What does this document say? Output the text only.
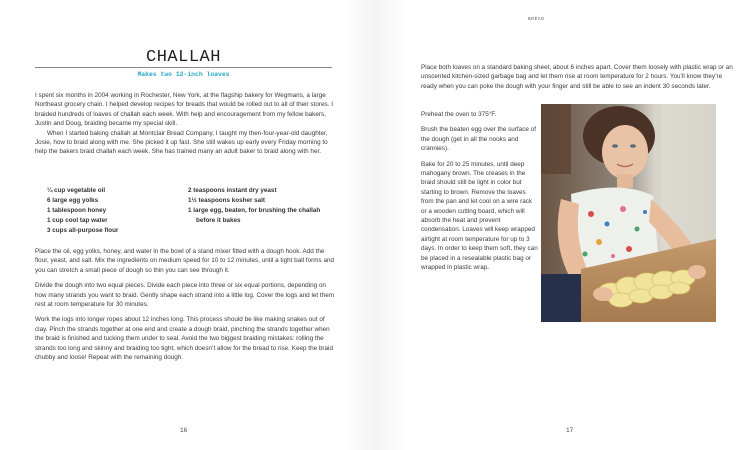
CHALLAH
Makes two 12-inch loaves

I spent six months in 2004 working in Rochester, New York, at the flagship bakery for Wegmans, a large Northeast grocery chain. I helped develop recipes for breads that would be rolled out to all of their stores. I braided hundreds of loaves of challah each week. With help and encouragement from my fellow bakers, Justin and Doug, braiding became my special skill.

When I started baking challah at Montclair Bread Company, I taught my then-four-year-old daughter, Josie, how to braid along with me. She picked it up fast. She still wakes up early every Friday morning to help the bakers braid challah each week. She has trained many an adult baker to braid along with her.

¼ cup vegetable oil
6 large egg yolks
1 tablespoon honey
1 cup cool tap water
3 cups all-purpose flour
2 teaspoons instant dry yeast
1½ teaspoons kosher salt
1 large egg, beaten, for brushing the challah before it bakes

Place the oil, egg yolks, honey, and water in the bowl of a stand mixer fitted with a dough hook. Add the flour, yeast, and salt. Mix the ingredients on medium speed for 10 to 12 minutes, until a tight ball forms and you can stretch a small piece of dough so thin you can see through it.

Divide the dough into two equal pieces. Divide each piece into three or six equal portions, depending on how many strands you want to braid. Gently shape each strand into a little log. Cover the logs and let them rest at room temperature for 30 minutes.

Work the logs into longer ropes about 12 inches long. This process should be like making snakes out of clay. Pinch the strands together at one end and create a dough braid, pinching the strands together when the braid is finished and tucking them under to seal. Avoid the two biggest braiding mistakes: rolling the strands too long and skinny and braiding too tight, which doesn’t allow for the bread to rise. Keep the braid chubby and loose! Repeat with the remaining dough.

16
BREAD

Place both loaves on a standard baking sheet, about 6 inches apart. Cover them loosely with plastic wrap or an unscented kitchen-sized garbage bag and let them rise at room temperature for 2 hours. You’ll know they’re ready when you can poke the dough with your finger and still be able to see an indent 30 seconds later.

Preheat the oven to 375°F.

Brush the beaten egg over the surface of the dough (get in all the nooks and crannies).

Bake for 20 to 25 minutes, until deep mahogany brown. The creases in the braid should still be light in color but starting to brown. Remove the loaves from the pan and let cool on a wire rack or a wooden cutting board, which will absorb the heat and prevent condensation. Loaves will keep wrapped airtight at room temperature for up to 3 days. In order to keep them soft, they can be placed in a resealable plastic bag or wrapped in plastic wrap.

17
